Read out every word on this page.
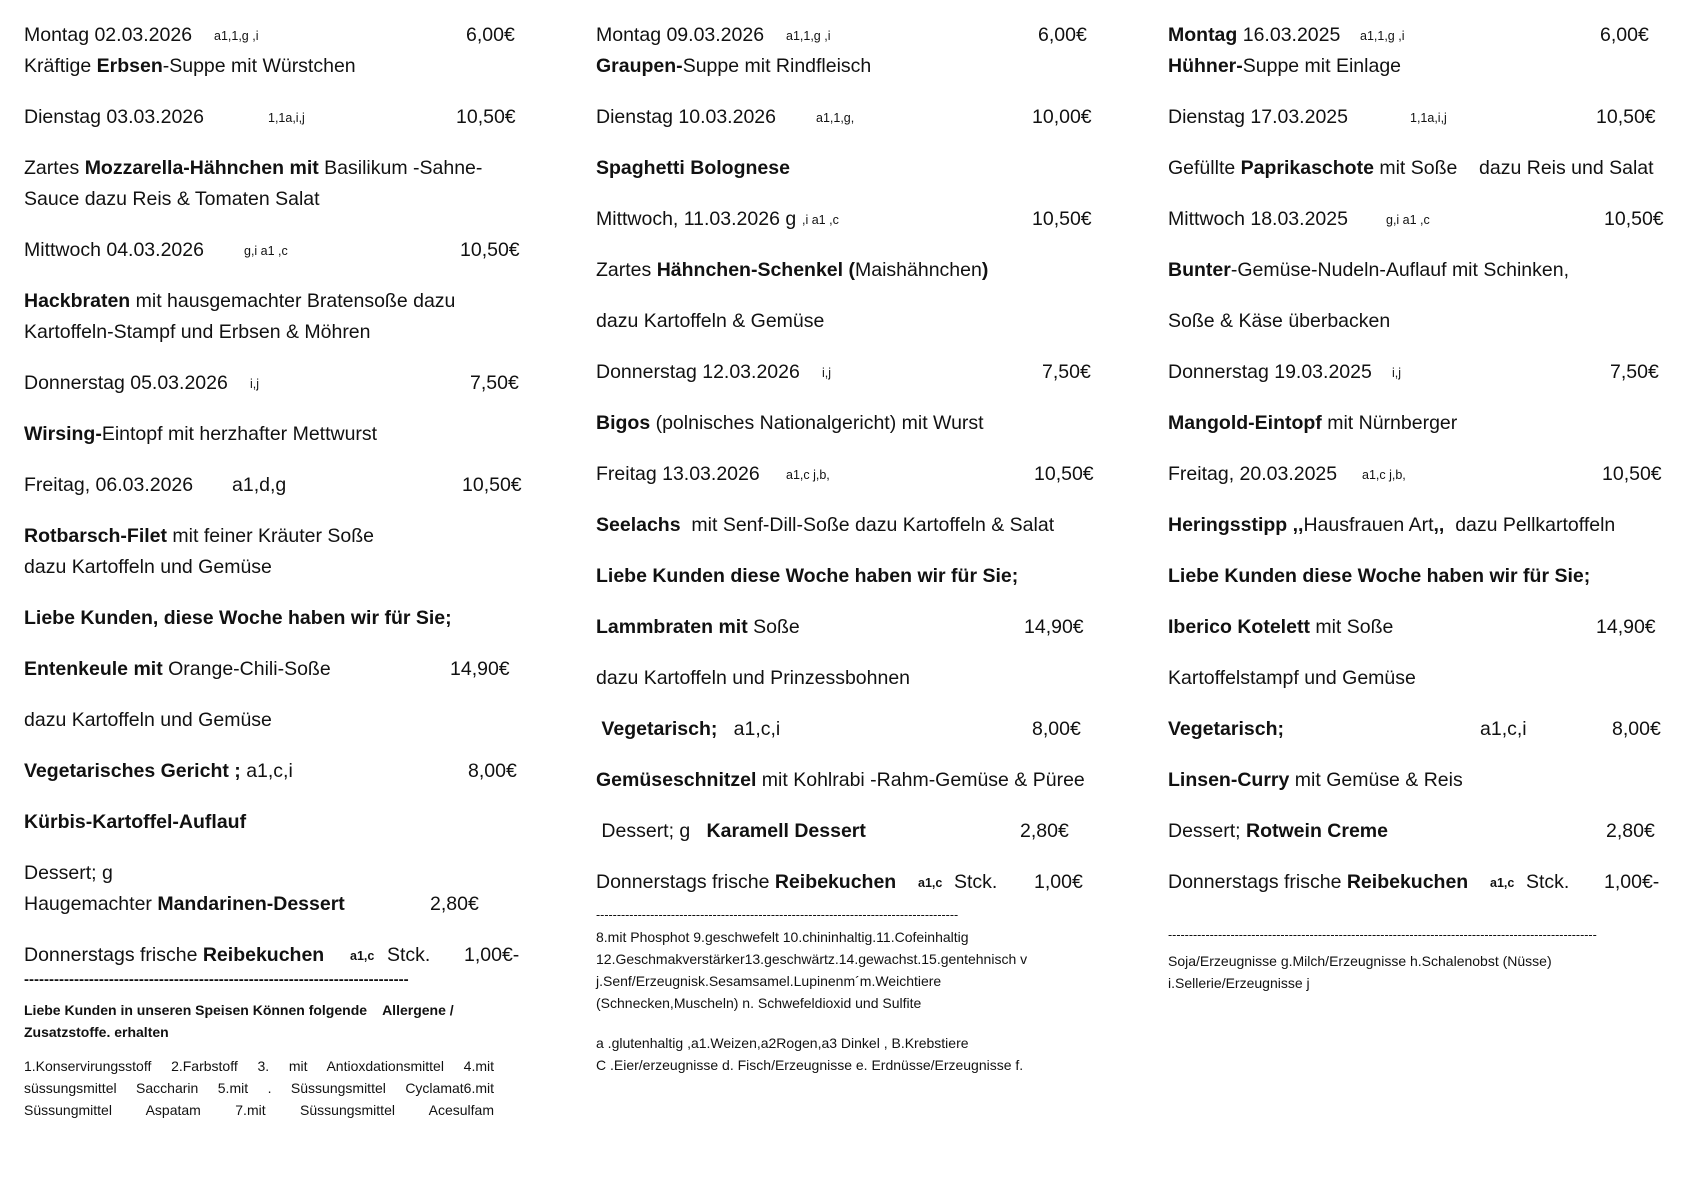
Montag 02.03.2026 a1,1,g ,i	6,00€
Kräftige Erbsen-Suppe mit Würstchen
Dienstag 03.03.2026	1,1a,i,j	10,50€
Zartes Mozzarella-Hähnchen mit Basilikum -Sahne-
Sauce dazu Reis & Tomaten Salat
Mittwoch 04.03.2026	g,i a1 ,c	10,50€
Hackbraten mit hausgemachter Bratensoße dazu
Kartoffeln-Stampf und Erbsen & Möhren
Donnerstag 05.03.2026 i,j	7,50€
Wirsing-Eintopf mit herzhafter Mettwurst
Freitag, 06.03.2026 a1,d,g	10,50€
Rotbarsch-Filet mit feiner Kräuter Soße
dazu Kartoffeln und Gemüse
Liebe Kunden, diese Woche haben wir für Sie;
Entenkeule mit Orange-Chili-Soße	14,90€
dazu Kartoffeln und Gemüse
Vegetarisches Gericht ; a1,c,i	8,00€
Kürbis-Kartoffel-Auflauf
Dessert; g
Haugemachter Mandarinen-Dessert	2,80€
Donnerstags frische Reibekuchen a1,c Stck. 1,00€-
-----------------------------------------------------------------------------
Liebe Kunden in unseren Speisen Können folgende    Allergene /
Zusatzstoffe. erhalten
1.Konservirungsstoff 2.Farbstoff 3. mit Antioxdationsmittel 4.mit süssungsmittel Saccharin 5.mit . Süssungsmittel Cyclamat6.mit Süssungmittel Aspatam 7.mit Süssungsmittel Acesulfam
Montag 09.03.2026 a1,1,g ,i	6,00€
Graupen-Suppe mit Rindfleisch
Dienstag 10.03.2026	a1,1,g,	10,00€
Spaghetti Bolognese
Mittwoch, 11.03.2026 g ,i a1 ,c	10,50€
Zartes Hähnchen-Schenkel (Maishähnchen)
dazu Kartoffeln & Gemüse
Donnerstag 12.03.2026 i,j	7,50€
Bigos (polnisches Nationalgericht) mit Wurst
Freitag 13.03.2026 a1,c j,b,	10,50€
Seelachs  mit Senf-Dill-Soße dazu Kartoffeln & Salat
Liebe Kunden diese Woche haben wir für Sie;
Lammbraten mit Soße	14,90€
dazu Kartoffeln und Prinzessbohnen
Vegetarisch;   a1,c,i	8,00€
Gemüseschnitzel mit Kohlrabi -Rahm-Gemüse & Püree
Dessert; g   Karamell Dessert	2,80€
Donnerstags frische Reibekuchen a1,c Stck. 1,00€
---------------------------------------------------------------------------------------
8.mit Phosphot 9.geschwefelt 10.chininhaltig.11.Cofeinhaltig
12.Geschmakverstärker13.geschwärtz.14.gewachst.15.gentehnisch v
j.Senf/Erzeugnisk.Sesamsamel.Lupinenm´m.Weichtiere
(Schnecken,Muscheln) n. Schwefeldioxid und Sulfite
a .glutenhaltig ,a1.Weizen,a2Rogen,a3 Dinkel , B.Krebstiere
C .Eier/erzeugnisse d. Fisch/Erzeugnisse e. Erdnüsse/Erzeugnisse f.
Montag 16.03.2025 a1,1,g ,i	6,00€
Hühner-Suppe mit Einlage
Dienstag 17.03.2025	1,1a,i,j	10,50€
Gefüllte Paprikaschote mit Soße    dazu Reis und Salat
Mittwoch 18.03.2025	g,i a1 ,c	10,50€
Bunter-Gemüse-Nudeln-Auflauf mit Schinken,
Soße & Käse überbacken
Donnerstag 19.03.2025 i,j	7,50€
Mangold-Eintopf mit Nürnberger
Freitag, 20.03.2025 a1,c j,b,	10,50€
Heringsstipp ,,Hausfrauen Art,,  dazu Pellkartoffeln
Liebe Kunden diese Woche haben wir für Sie;
Iberico Kotelett mit Soße	14,90€
Kartoffelstampf und Gemüse
Vegetarisch;	a1,c,i	8,00€
Linsen-Curry mit Gemüse & Reis
Dessert; Rotwein Creme	2,80€
Donnerstags frische Reibekuchen a1,c Stck. 1,00€-
-------------------------------------------------------------------------------------------------------
Soja/Erzeugnisse g.Milch/Erzeugnisse h.Schalenobst (Nüsse)
i.Sellerie/Erzeugnisse j
